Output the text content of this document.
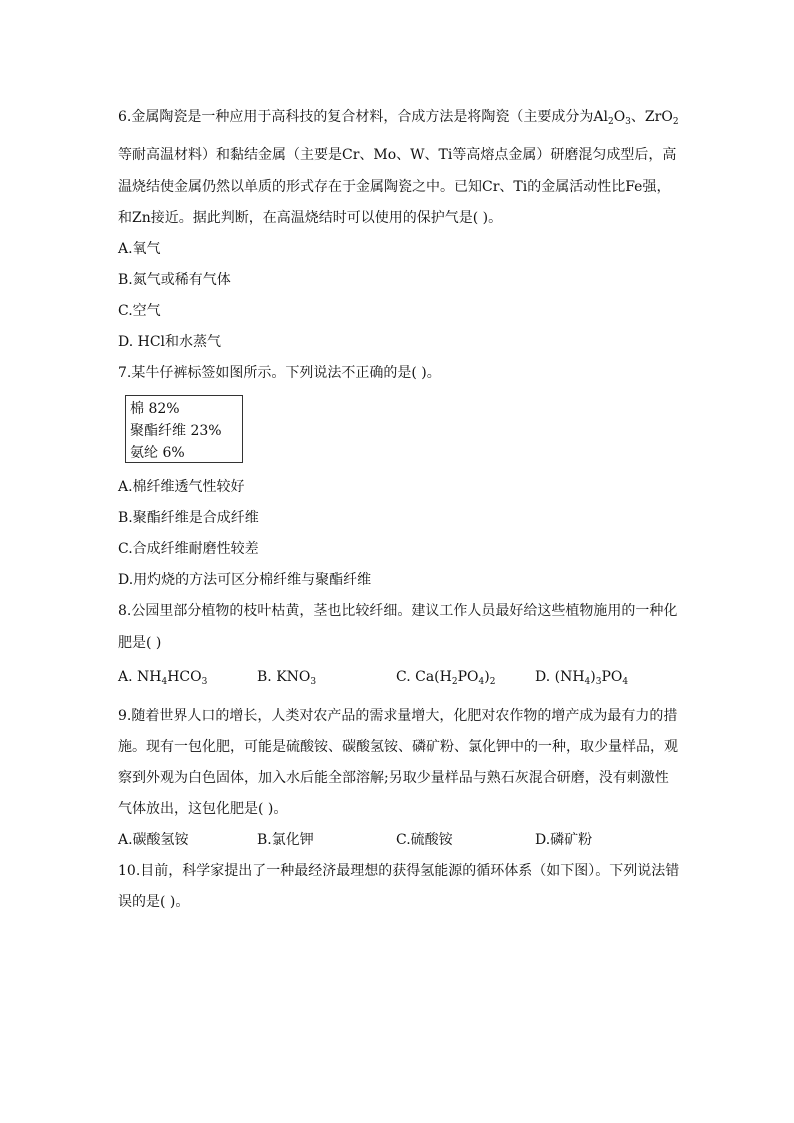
6.金属陶瓷是一种应用于高科技的复合材料，合成方法是将陶瓷（主要成分为$Al_2O_3$、ZrO$_2$
等耐高温材料）和黏结金属（主要是Cr、Mo、W、Ti等高熔点金属）研磨混匀成型后，高
温烧结使金属仍然以单质的形式存在于金属陶瓷之中。已知Cr、Ti的金属活动性比Fe强，
和Zn接近。据此判断，在高温烧结时可以使用的保护气是( )。
A.氧气
B.氮气或稀有气体
C.空气
D. HCl和水蒸气
7.某牛仔裤标签如图所示。下列说法不正确的是( )。
棉 82%
聚酯纤维 23%
氨纶 6%
A.棉纤维透气性较好
B.聚酯纤维是合成纤维
C.合成纤维耐磨性较差
D.用灼烧的方法可区分棉纤维与聚酯纤维
8.公园里部分植物的枝叶枯黄，茎也比较纤细。建议工作人员最好给这些植物施用的一种化
肥是( )
A. $NH_4HCO_3$	B. $KNO_3$	C. $Ca(H_2PO_4)_2$	D. $(NH_4)_3PO_4$
9.随着世界人口的增长，人类对农产品的需求量增大，化肥对农作物的增产成为最有力的措
施。现有一包化肥，可能是硫酸铵、碳酸氢铵、磷矿粉、氯化钾中的一种，取少量样品，观
察到外观为白色固体，加入水后能全部溶解;另取少量样品与熟石灰混合研磨，没有刺激性
气体放出，这包化肥是( )。
A.碳酸氢铵	B.氯化钾	C.硫酸铵	D.磷矿粉
10.目前，科学家提出了一种最经济最理想的获得氢能源的循环体系（如下图）。下列说法错
误的是( )。
